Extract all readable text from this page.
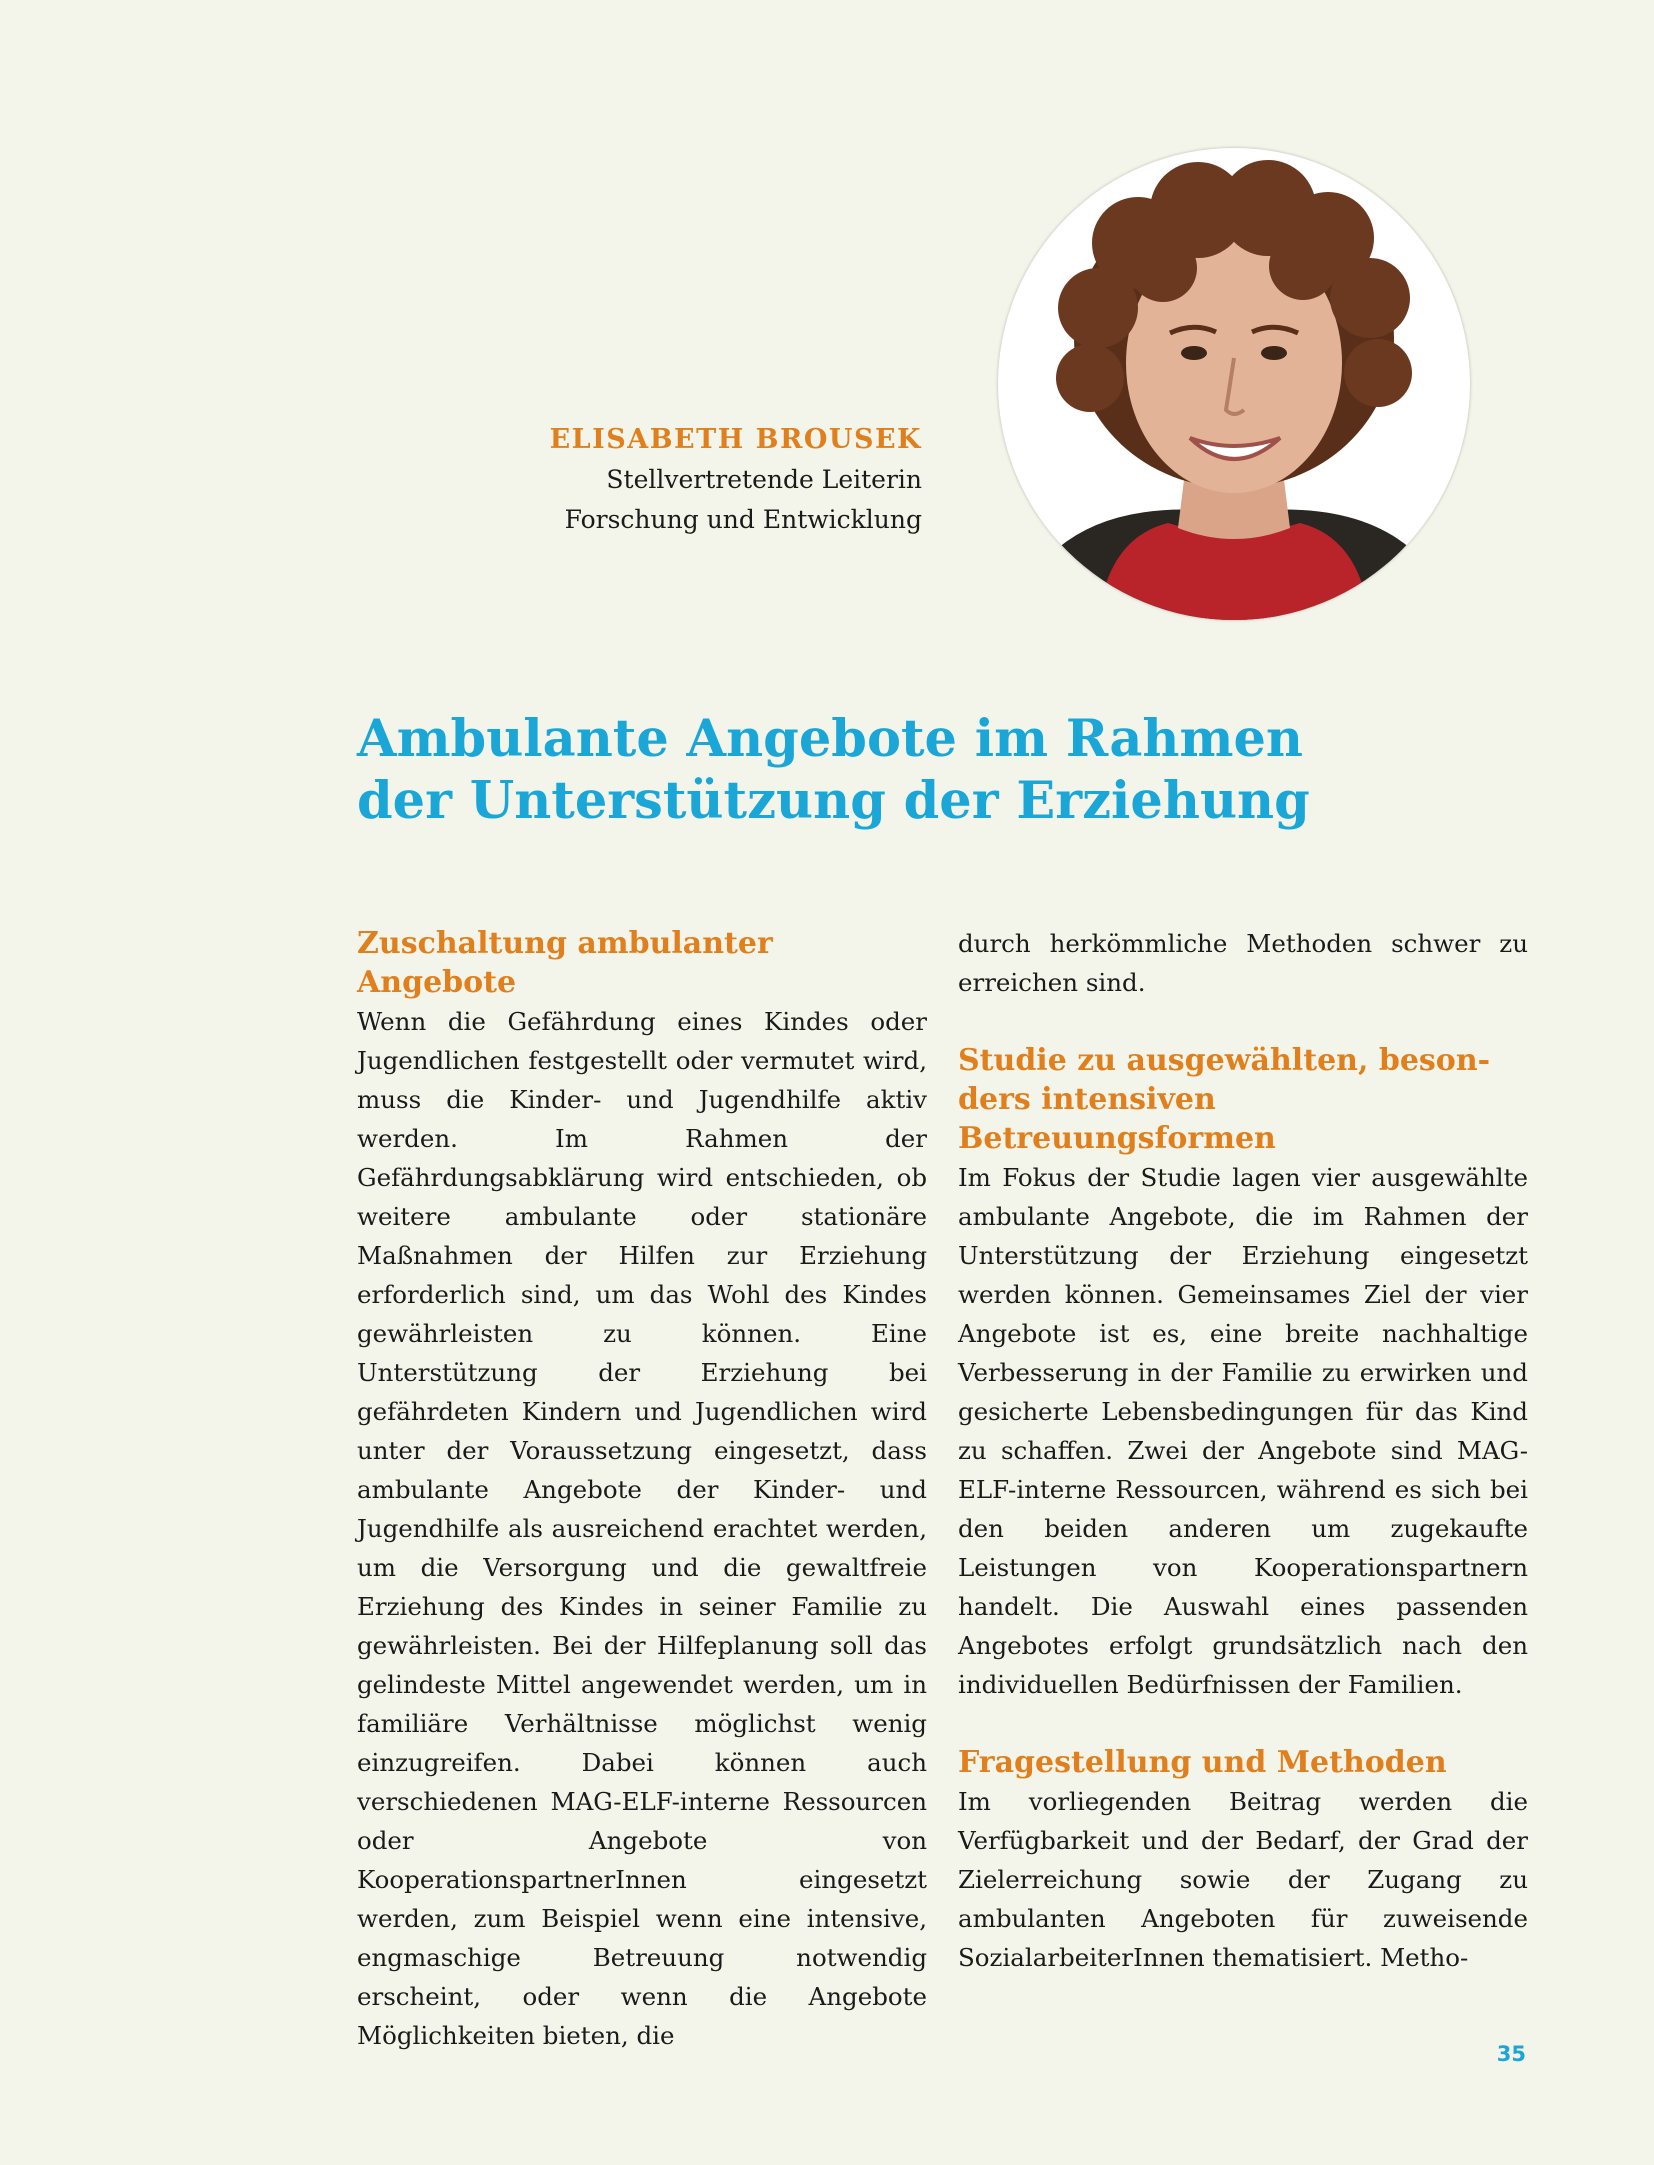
ELISABETH BROUSEK
Stellvertretende Leiterin
Forschung und Entwicklung
Ambulante Angebote im Rahmen
der Unterstützung der Erziehung
Zuschaltung ambulanter
Angebote

Wenn die Gefährdung eines Kindes oder Jugendlichen festgestellt oder vermutet wird, muss die Kinder- und Jugendhilfe aktiv werden. Im Rahmen der Gefährdungsabklärung wird entschieden, ob weitere ambulante oder stationäre Maßnahmen der Hilfen zur Erziehung erforderlich sind, um das Wohl des Kindes gewährleisten zu können. Eine Unterstützung der Erziehung bei gefährdeten Kindern und Jugendlichen wird unter der Voraussetzung eingesetzt, dass ambulante Angebote der Kinder- und Jugendhilfe als ausreichend erachtet werden, um die Versorgung und die gewaltfreie Erziehung des Kindes in seiner Familie zu gewährleisten. Bei der Hilfeplanung soll das gelindeste Mittel angewendet werden, um in familiäre Verhältnisse möglichst wenig einzugreifen. Dabei können auch verschiedenen MAG-ELF-interne Ressourcen oder Angebote von KooperationspartnerInnen eingesetzt werden, zum Beispiel wenn eine intensive, engmaschige Betreuung notwendig erscheint, oder wenn die Angebote Möglichkeiten bieten, die

durch herkömmliche Methoden schwer zu erreichen sind.

Studie zu ausgewählten, beson-
ders intensiven Betreuungsformen

Im Fokus der Studie lagen vier ausgewählte ambulante Angebote, die im Rahmen der Unterstützung der Erziehung eingesetzt werden können. Gemeinsames Ziel der vier Angebote ist es, eine breite nachhaltige Verbesserung in der Familie zu erwirken und gesicherte Lebensbedingungen für das Kind zu schaffen. Zwei der Angebote sind MAG-ELF-interne Ressourcen, während es sich bei den beiden anderen um zugekaufte Leistungen von Kooperationspartnern handelt. Die Auswahl eines passenden Angebotes erfolgt grundsätzlich nach den individuellen Bedürfnissen der Familien.

Fragestellung und Methoden

Im vorliegenden Beitrag werden die Verfügbarkeit und der Bedarf, der Grad der Zielerreichung sowie der Zugang zu ambulanten Angeboten für zuweisende SozialarbeiterInnen thematisiert. Metho-

35
